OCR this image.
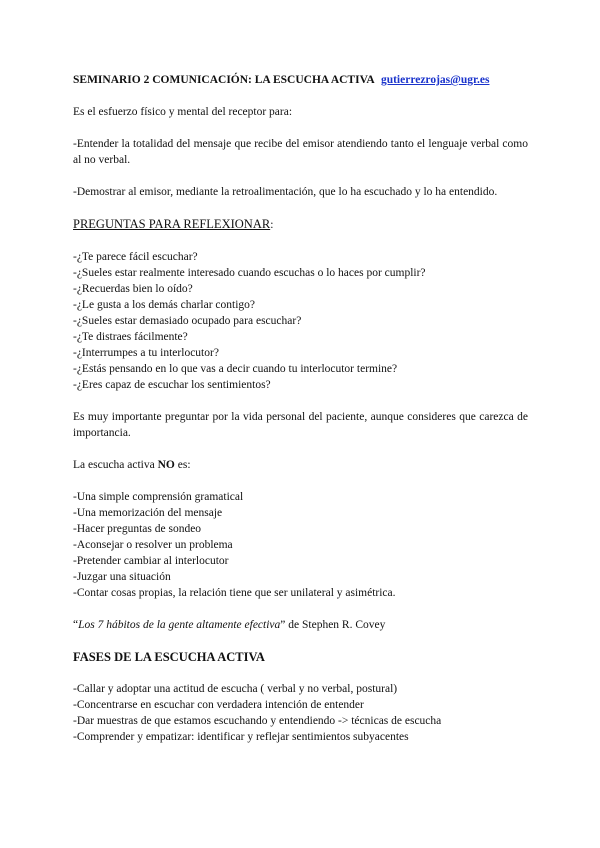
SEMINARIO 2 COMUNICACIÓN: LA ESCUCHA ACTIVA gutierrezrojas@ugr.es

Es el esfuerzo físico y mental del receptor para:

-Entender la totalidad del mensaje que recibe del emisor atendiendo tanto el lenguaje verbal como al no verbal.

-Demostrar al emisor, mediante la retroalimentación, que lo ha escuchado y lo ha entendido.

PREGUNTAS PARA REFLEXIONAR:
-¿Te parece fácil escuchar?
-¿Sueles estar realmente interesado cuando escuchas o lo haces por cumplir?
-¿Recuerdas bien lo oído?
-¿Le gusta a los demás charlar contigo?
-¿Sueles estar demasiado ocupado para escuchar?
-¿Te distraes fácilmente?
-¿Interrumpes a tu interlocutor?
-¿Estás pensando en lo que vas a decir cuando tu interlocutor termine?
-¿Eres capaz de escuchar los sentimientos?

Es muy importante preguntar por la vida personal del paciente, aunque consideres que carezca de importancia.

La escucha activa NO es:

-Una simple comprensión gramatical
-Una memorización del mensaje
-Hacer preguntas de sondeo
-Aconsejar o resolver un problema
-Pretender cambiar al interlocutor
-Juzgar una situación
-Contar cosas propias, la relación tiene que ser unilateral y asimétrica.
“Los 7 hábitos de la gente altamente efectiva” de Stephen R. Covey
FASES DE LA ESCUCHA ACTIVA
-Callar y adoptar una actitud de escucha ( verbal y no verbal, postural)
-Concentrarse en escuchar con verdadera intención de entender
-Dar muestras de que estamos escuchando y entendiendo -> técnicas de escucha
-Comprender y empatizar: identificar y reflejar sentimientos subyacentes
